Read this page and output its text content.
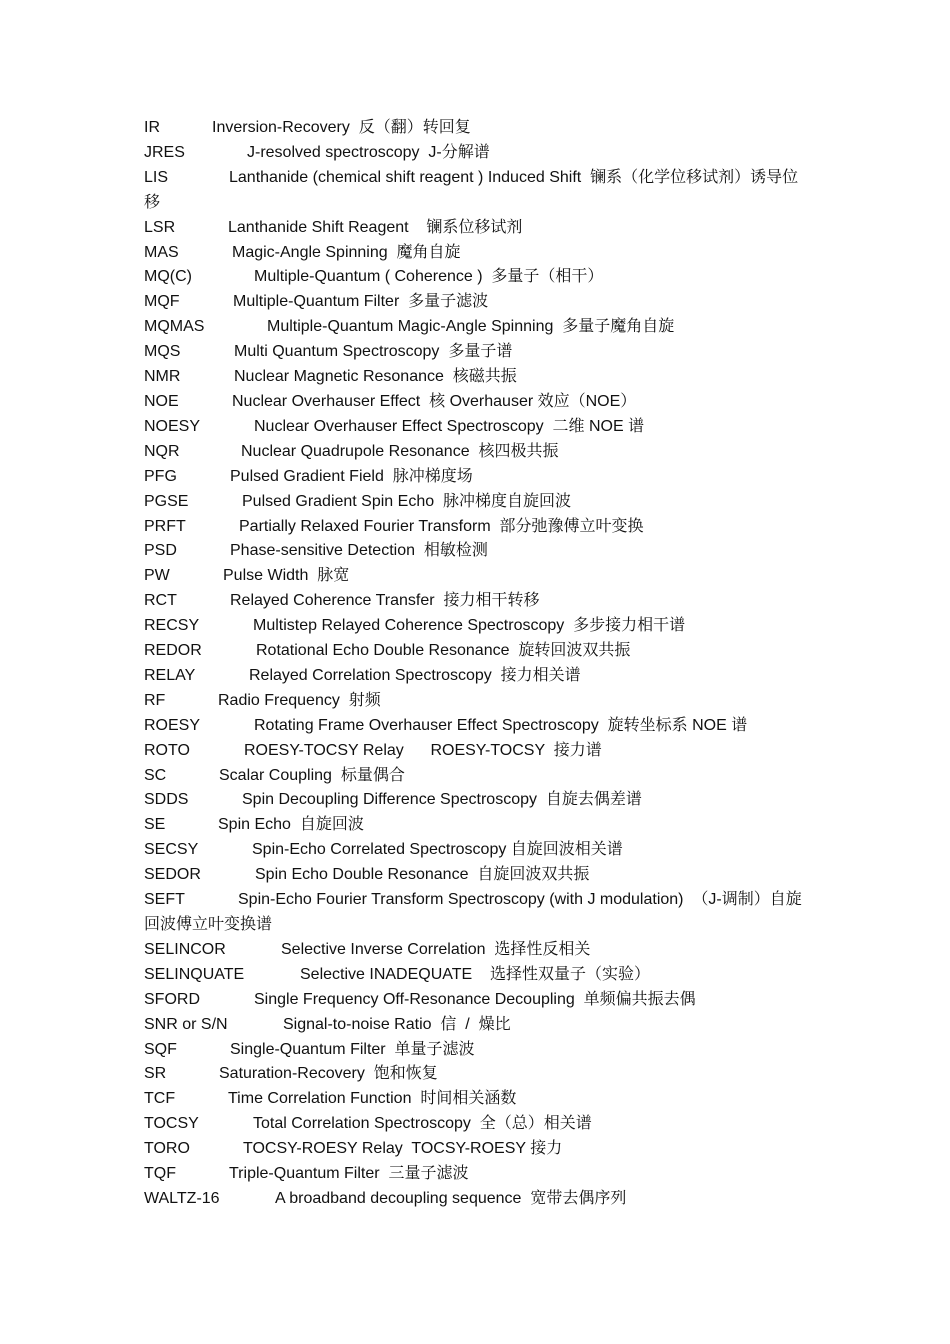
IR	Inversion-Recovery  反（翻）转回复
JRES	J-resolved spectroscopy  J-分解谱
LIS	Lanthanide (chemical shift reagent ) Induced Shift  镧系（化学位移试剂）诱导位移
LSR	Lanthanide Shift Reagent    镧系位移试剂
MAS	Magic-Angle Spinning  魔角自旋
MQ(C)	Multiple-Quantum ( Coherence )  多量子（相干）
MQF	Multiple-Quantum Filter  多量子滤波
MQMAS	Multiple-Quantum Magic-Angle Spinning  多量子魔角自旋
MQS	Multi Quantum Spectroscopy  多量子谱
NMR	Nuclear Magnetic Resonance  核磁共振
NOE	Nuclear Overhauser Effect  核 Overhauser 效应（NOE）
NOESY	Nuclear Overhauser Effect Spectroscopy  二维 NOE 谱
NQR	Nuclear Quadrupole Resonance  核四极共振
PFG	Pulsed Gradient Field  脉冲梯度场
PGSE	Pulsed Gradient Spin Echo  脉冲梯度自旋回波
PRFT	Partially Relaxed Fourier Transform  部分弛豫傅立叶变换
PSD	Phase-sensitive Detection  相敏检测
PW	Pulse Width  脉宽
RCT	Relayed Coherence Transfer  接力相干转移
RECSY	Multistep Relayed Coherence Spectroscopy  多步接力相干谱
REDOR	Rotational Echo Double Resonance  旋转回波双共振
RELAY	Relayed Correlation Spectroscopy  接力相关谱
RF	Radio Frequency  射频
ROESY	Rotating Frame Overhauser Effect Spectroscopy  旋转坐标系 NOE 谱
ROTO	ROESY-TOCSY Relay      ROESY-TOCSY  接力谱
SC	Scalar Coupling  标量偶合
SDDS	Spin Decoupling Difference Spectroscopy  自旋去偶差谱
SE	Spin Echo  自旋回波
SECSY	Spin-Echo Correlated Spectroscopy 自旋回波相关谱
SEDOR	Spin Echo Double Resonance  自旋回波双共振
SEFT	Spin-Echo Fourier Transform Spectroscopy (with J modulation)  （J-调制）自旋回波傅立叶变换谱
SELINCOR	Selective Inverse Correlation  选择性反相关
SELINQUATE	Selective INADEQUATE    选择性双量子（实验）
SFORD	Single Frequency Off-Resonance Decoupling  单频偏共振去偶
SNR or S/N	Signal-to-noise Ratio  信  /  燥比
SQF	Single-Quantum Filter  单量子滤波
SR	Saturation-Recovery  饱和恢复
TCF	Time Correlation Function  时间相关涵数
TOCSY	Total Correlation Spectroscopy  全（总）相关谱
TORO	TOCSY-ROESY Relay  TOCSY-ROESY 接力
TQF	Triple-Quantum Filter  三量子滤波
WALTZ-16	A broadband decoupling sequence  宽带去偶序列
